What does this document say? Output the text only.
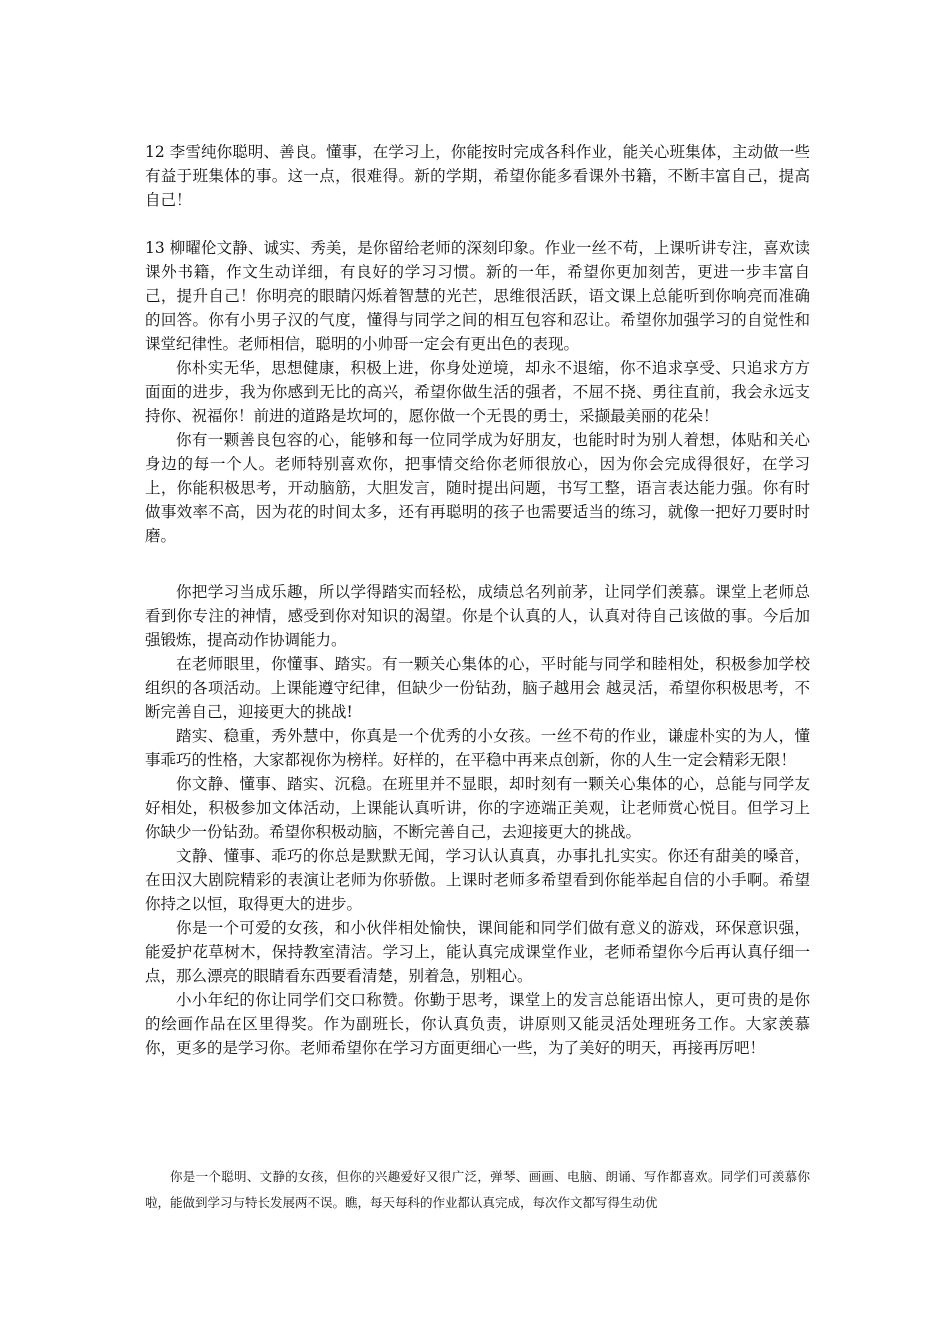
12 李雪纯你聪明、善良。懂事，在学习上，你能按时完成各科作业，能关心班集体，主动做一些有益于班集体的事。这一点，很难得。新的学期，希望你能多看课外书籍，不断丰富自己，提高自己！

13 柳曜伦文静、诚实、秀美，是你留给老师的深刻印象。作业一丝不苟，上课听讲专注，喜欢读课外书籍，作文生动详细，有良好的学习习惯。新的一年，希望你更加刻苦，更进一步丰富自己，提升自己！你明亮的眼睛闪烁着智慧的光芒，思维很活跃，语文课上总能听到你响亮而准确的回答。你有小男子汉的气度，懂得与同学之间的相互包容和忍让。希望你加强学习的自觉性和课堂纪律性。老师相信，聪明的小帅哥一定会有更出色的表现。

你朴实无华，思想健康，积极上进，你身处逆境，却永不退缩，你不追求享受、只追求方方面面的进步，我为你感到无比的高兴，希望你做生活的强者，不屈不挠、勇往直前，我会永远支持你、祝福你！前进的道路是坎坷的，愿你做一个无畏的勇士，采撷最美丽的花朵！

你有一颗善良包容的心，能够和每一位同学成为好朋友，也能时时为别人着想，体贴和关心身边的每一个人。老师特别喜欢你，把事情交给你老师很放心，因为你会完成得很好，在学习上，你能积极思考，开动脑筋，大胆发言，随时提出问题，书写工整，语言表达能力强。你有时做事效率不高，因为花的时间太多，还有再聪明的孩子也需要适当的练习，就像一把好刀要时时磨。

你把学习当成乐趣，所以学得踏实而轻松，成绩总名列前茅，让同学们羡慕。课堂上老师总看到你专注的神情，感受到你对知识的渴望。你是个认真的人，认真对待自己该做的事。今后加强锻炼，提高动作协调能力。

在老师眼里，你懂事、踏实。有一颗关心集体的心，平时能与同学和睦相处，积极参加学校组织的各项活动。上课能遵守纪律，但缺少一份钻劲，脑子越用会 越灵活，希望你积极思考，不断完善自己，迎接更大的挑战!

踏实、稳重，秀外慧中，你真是一个优秀的小女孩。一丝不苟的作业，谦虚朴实的为人，懂事乖巧的性格，大家都视你为榜样。好样的，在平稳中再来点创新，你的人生一定会精彩无限！

你文静、懂事、踏实、沉稳。在班里并不显眼，却时刻有一颗关心集体的心，总能与同学友好相处，积极参加文体活动，上课能认真听讲，你的字迹端正美观，让老师赏心悦目。但学习上你缺少一份钻劲。希望你积极动脑，不断完善自己，去迎接更大的挑战。

文静、懂事、乖巧的你总是默默无闻，学习认认真真，办事扎扎实实。你还有甜美的嗓音，在田汉大剧院精彩的表演让老师为你骄傲。上课时老师多希望看到你能举起自信的小手啊。希望你持之以恒，取得更大的进步。

你是一个可爱的女孩，和小伙伴相处愉快，课间能和同学们做有意义的游戏，环保意识强，能爱护花草树木，保持教室清洁。学习上，能认真完成课堂作业，老师希望你今后再认真仔细一点，那么漂亮的眼睛看东西要看清楚，别着急，别粗心。

小小年纪的你让同学们交口称赞。你勤于思考，课堂上的发言总能语出惊人，更可贵的是你的绘画作品在区里得奖。作为副班长，你认真负责，讲原则又能灵活处理班务工作。大家羡慕你，更多的是学习你。老师希望你在学习方面更细心一些，为了美好的明天，再接再厉吧！

你是一个聪明、文静的女孩，但你的兴趣爱好又很广泛，弹琴、画画、电脑、朗诵、写作都喜欢。同学们可羡慕你啦，能做到学习与特长发展两不误。瞧，每天每科的作业都认真完成，每次作文都写得生动优
